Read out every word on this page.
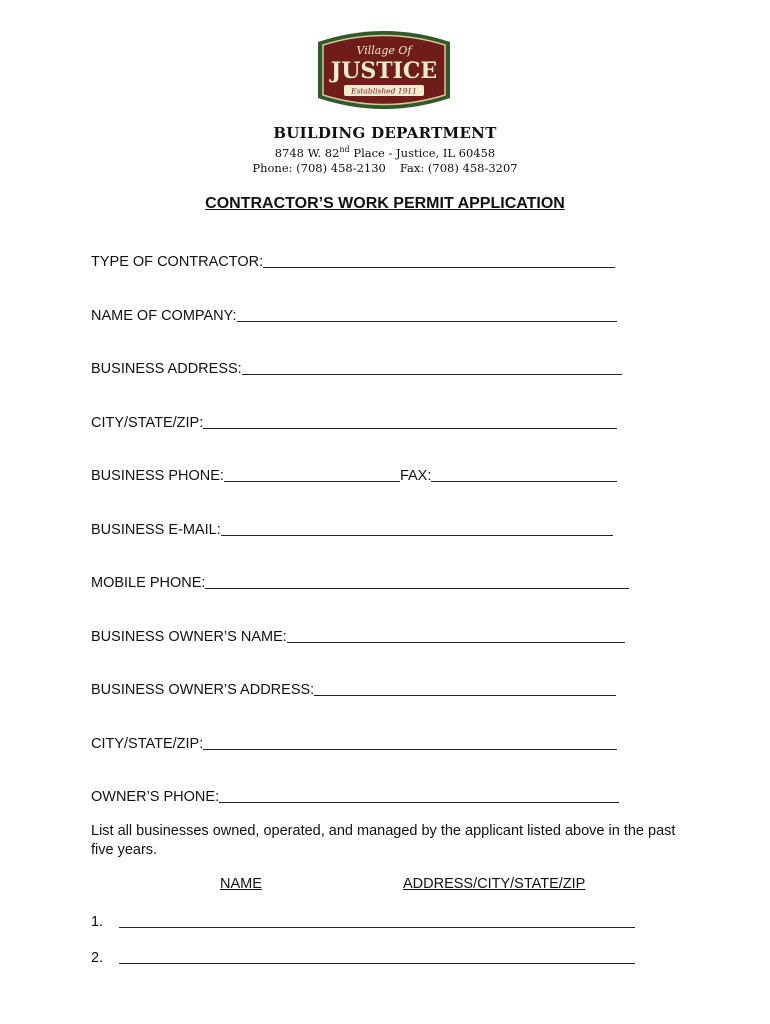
Village Of
JUSTICE
Established 1911
BUILDING DEPARTMENT
8748 W. 82nd Place - Justice, IL 60458
Phone: (708) 458-2130 Fax: (708) 458-3207
CONTRACTOR’S WORK PERMIT APPLICATION
TYPE OF CONTRACTOR:
NAME OF COMPANY:
BUSINESS ADDRESS:
CITY/STATE/ZIP:
BUSINESS PHONE:	FAX:
BUSINESS E-MAIL:
MOBILE PHONE:
BUSINESS OWNER’S NAME:
BUSINESS OWNER’S ADDRESS:
CITY/STATE/ZIP:
OWNER’S PHONE:
List all businesses owned, operated, and managed by the applicant listed above in the past five years.
NAME	ADDRESS/CITY/STATE/ZIP
1.
2.
